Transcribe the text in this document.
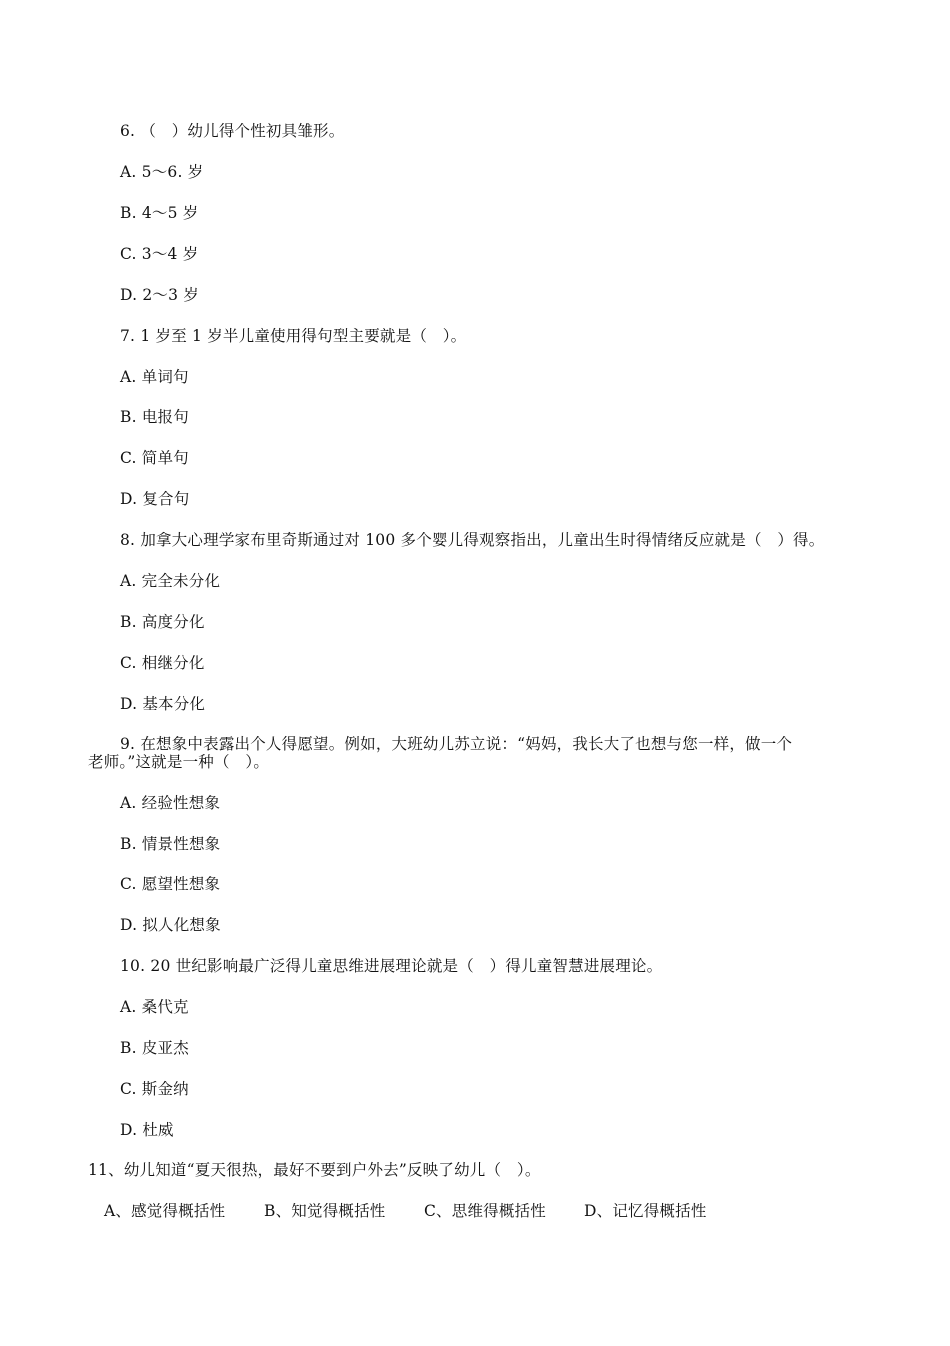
6. （　）幼儿得个性初具雏形。
A. 5～6. 岁
B. 4～5 岁
C. 3～4 岁
D. 2～3 岁
7. 1 岁至 1 岁半儿童使用得句型主要就是（　）。
A. 单词句
B. 电报句
C. 简单句
D. 复合句
8. 加拿大心理学家布里奇斯通过对 100 多个婴儿得观察指出，儿童出生时得情绪反应就是（　）得。
A. 完全未分化
B. 高度分化
C. 相继分化
D. 基本分化
9. 在想象中表露出个人得愿望。例如，大班幼儿苏立说：“妈妈，我长大了也想与您一样，做一个
老师。”这就是一种（　）。
A. 经验性想象
B. 情景性想象
C. 愿望性想象
D. 拟人化想象
10. 20 世纪影响最广泛得儿童思维进展理论就是（　）得儿童智慧进展理论。
A. 桑代克
B. 皮亚杰
C. 斯金纳
D. 杜威
11、幼儿知道“夏天很热，最好不要到户外去”反映了幼儿（　）。
A、感觉得概括性 B、知觉得概括性 C、思维得概括性 D、记忆得概括性
